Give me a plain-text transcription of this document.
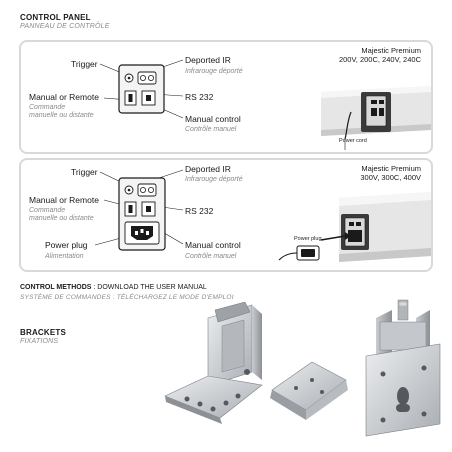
CONTROL PANEL
PANNEAU DE CONTRÔLE
Trigger	Deported IR
Infrarouge déporté
Manual or Remote
Commande
manuelle ou distante
RS 232
Manual control
Contrôle manuel
Majestic Premium
200V, 200C, 240V, 240C
Power cord
Trigger	Deported IR
Infrarouge déporté
Manual or Remote
Commande
manuelle ou distante
RS 232
Power plug
Alimentation
Manual control
Contrôle manuel
Majestic Premium
300V, 300C, 400V
Power plug
CONTROL METHODS : DOWNLOAD THE USER MANUAL
SYSTÈME DE COMMANDES : TÉLÉCHARGEZ LE MODE D'EMPLOI
BRACKETS
FIXATIONS
